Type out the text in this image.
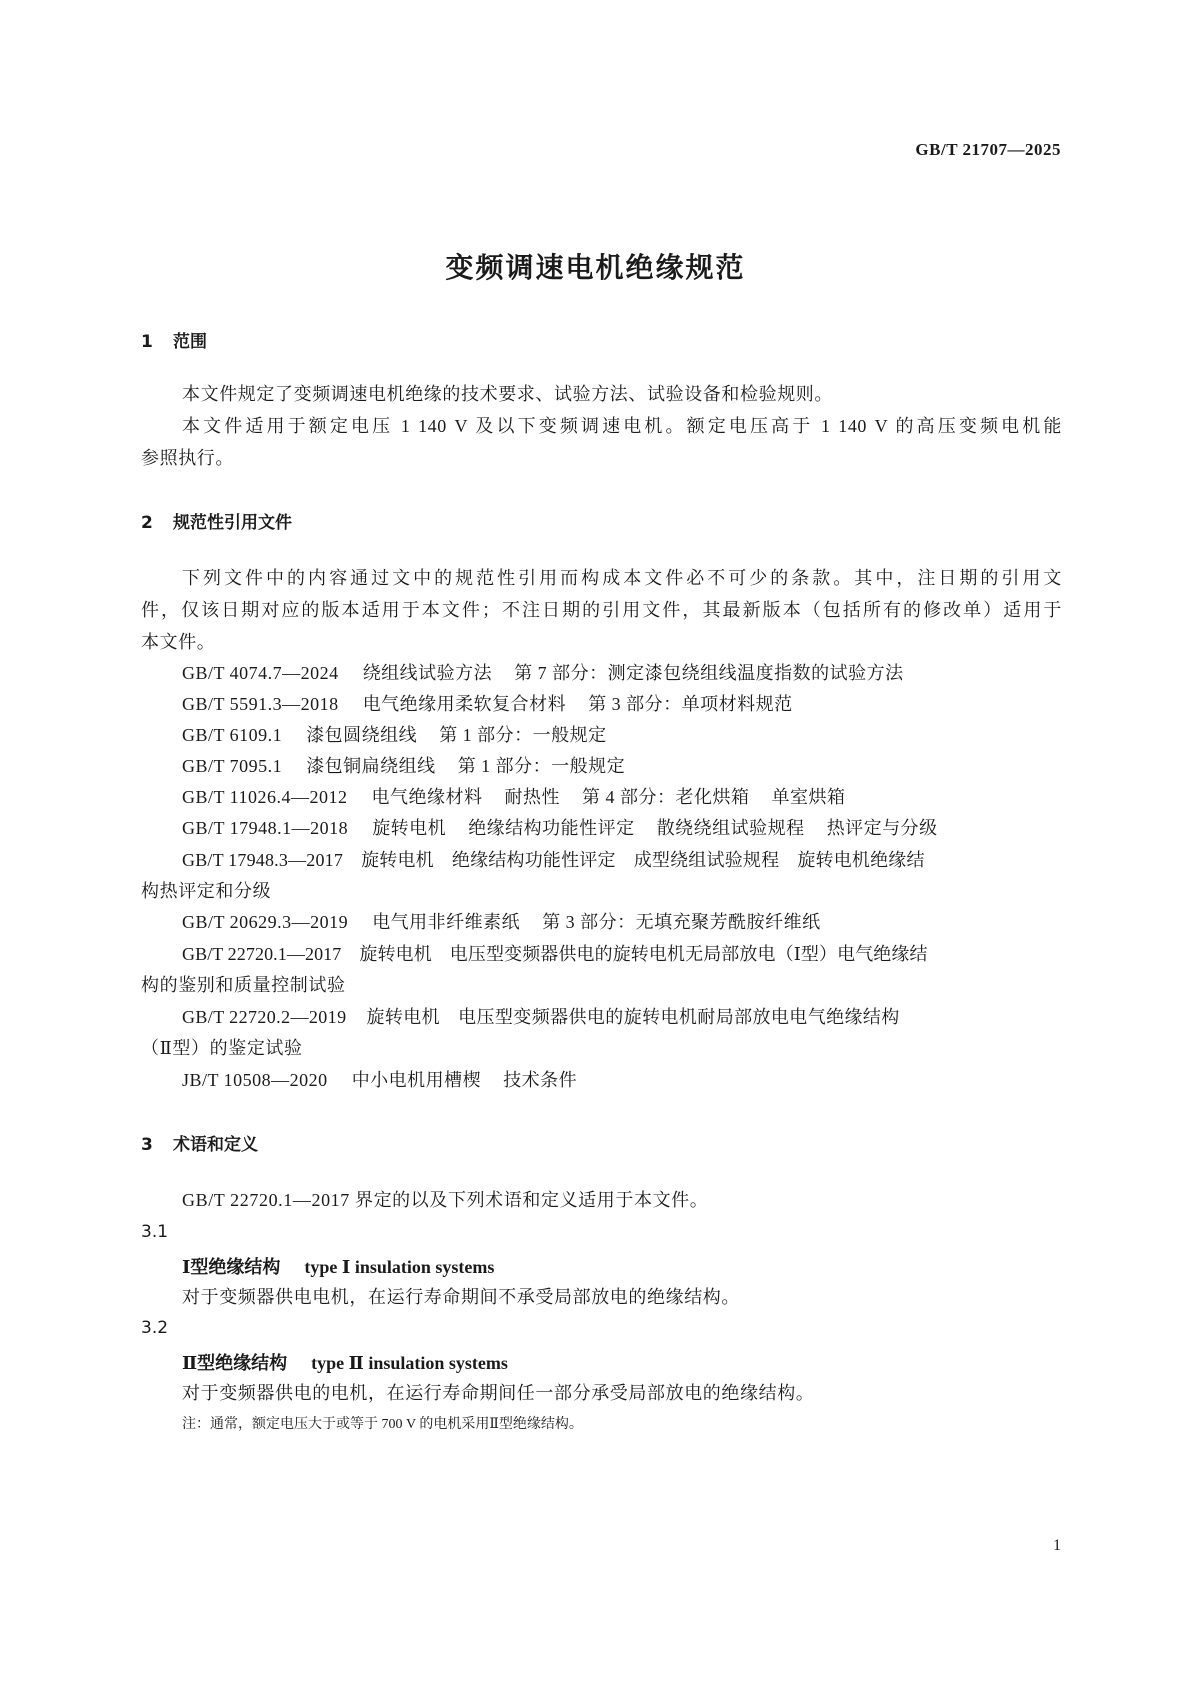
GB/T 21707—2025
变频调速电机绝缘规范
1 范围
本文件规定了变频调速电机绝缘的技术要求、试验方法、试验设备和检验规则。
本文件适用于额定电压 1 140 V 及以下变频调速电机。额定电压高于 1 140 V 的高压变频电机能
参照执行。
2 规范性引用文件
下列文件中的内容通过文中的规范性引用而构成本文件必不可少的条款。其中，注日期的引用文
件，仅该日期对应的版本适用于本文件；不注日期的引用文件，其最新版本（包括所有的修改单）适用于
本文件。
GB/T 4074.7—2024 绕组线试验方法 第 7 部分：测定漆包绕组线温度指数的试验方法
GB/T 5591.3—2018 电气绝缘用柔软复合材料 第 3 部分：单项材料规范
GB/T 6109.1 漆包圆绕组线 第 1 部分：一般规定
GB/T 7095.1 漆包铜扁绕组线 第 1 部分：一般规定
GB/T 11026.4—2012 电气绝缘材料 耐热性 第 4 部分：老化烘箱 单室烘箱
GB/T 17948.1—2018 旋转电机 绝缘结构功能性评定 散绕绕组试验规程 热评定与分级
GB/T 17948.3—2017 旋转电机 绝缘结构功能性评定 成型绕组试验规程 旋转电机绝缘结
构热评定和分级
GB/T 20629.3—2019 电气用非纤维素纸 第 3 部分：无填充聚芳酰胺纤维纸
GB/T 22720.1—2017 旋转电机 电压型变频器供电的旋转电机无局部放电（Ⅰ型）电气绝缘结
构的鉴别和质量控制试验
GB/T 22720.2—2019 旋转电机 电压型变频器供电的旋转电机耐局部放电电气绝缘结构
（Ⅱ型）的鉴定试验
JB/T 10508—2020 中小电机用槽楔 技术条件
3 术语和定义
GB/T 22720.1—2017 界定的以及下列术语和定义适用于本文件。
3.1
Ⅰ型绝缘结构 type Ⅰ insulation systems
对于变频器供电电机，在运行寿命期间不承受局部放电的绝缘结构。
3.2
Ⅱ型绝缘结构 type Ⅱ insulation systems
对于变频器供电的电机，在运行寿命期间任一部分承受局部放电的绝缘结构。
注：通常，额定电压大于或等于 700 V 的电机采用Ⅱ型绝缘结构。
1
